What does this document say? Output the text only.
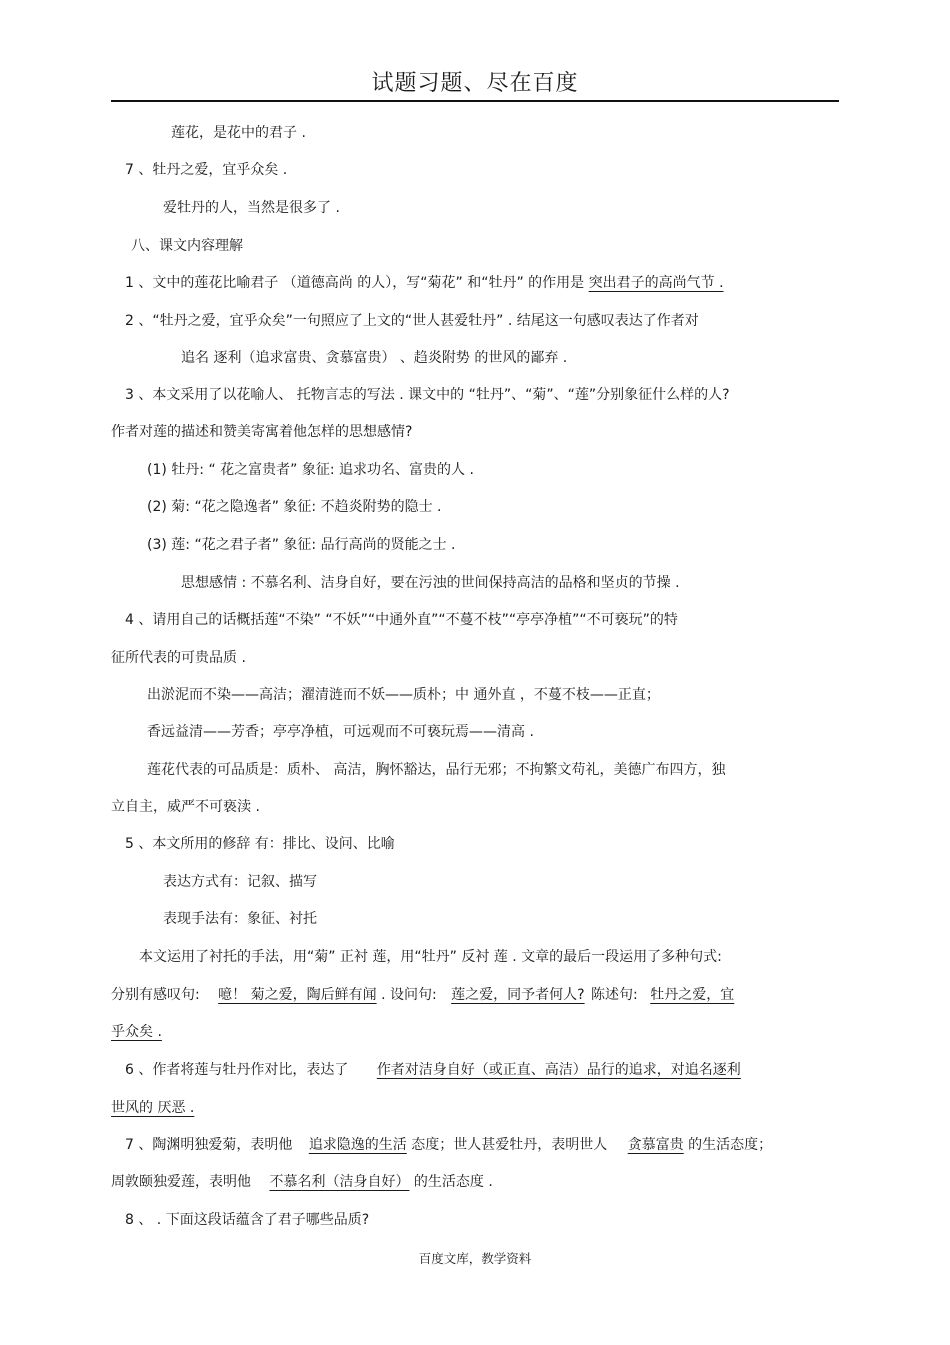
试题习题、尽在百度
莲花，是花中的君子 .
7 、牡丹之爱，宜乎众矣 .
爱牡丹的人，当然是很多了 .
八、课文内容理解
1 、文中的莲花比喻君子 （道德高尚 的人），写“菊花” 和“牡丹” 的作用是 突出君子的高尚气节 .
2 、“牡丹之爱，宜乎众矣”一句照应了上文的“世人甚爱牡丹” . 结尾这一句感叹表达了作者对
追名 逐利（追求富贵、贪慕富贵） 、趋炎附势 的世风的鄙弃 .
3 、本文采用了以花喻人、 托物言志的写法 . 课文中的 “牡丹”、“菊”、“莲”分别象征什么样的人?
作者对莲的描述和赞美寄寓着他怎样的思想感情?
(1) 牡丹: “ 花之富贵者” 象征: 追求功名、富贵的人 .
(2) 菊: “花之隐逸者” 象征: 不趋炎附势的隐士 .
(3) 莲: “花之君子者” 象征: 品行高尚的贤能之士 .
思想感情 : 不慕名利、洁身自好，要在污浊的世间保持高洁的品格和坚贞的节操 .
4 、请用自己的话概括莲“不染” “不妖”“中通外直”“不蔓不枝”“亭亭净植”“不可亵玩”的特
征所代表的可贵品质 .
出淤泥而不染——高洁；濯清涟而不妖——质朴；中 通外直 ，不蔓不枝——正直；
香远益清——芳香；亭亭净植，可远观而不可亵玩焉——清高 .
莲花代表的可品质是：质朴、 高洁，胸怀豁达，品行无邪；不拘繁文苟礼，美德广布四方，独
立自主，威严不可亵渎 .
5 、本文所用的修辞 有：排比、设问、比喻
表达方式有：记叙、描写
表现手法有：象征、衬托
本文运用了衬托的手法，用“菊” 正衬 莲，用“牡丹” 反衬 莲 . 文章的最后一段运用了多种句式:
分别有感叹句: 噫！ 菊之爱，陶后鲜有闻 . 设问句: 莲之爱，同予者何人? 陈述句: 牡丹之爱，宜
乎众矣 .
6 、作者将莲与牡丹作对比，表达了 作者对洁身自好（或正直、高洁）品行的追求，对追名逐利
世风的 厌恶 .
7 、陶渊明独爱菊，表明他 追求隐逸的生活 态度；世人甚爱牡丹，表明世人 贪慕富贵 的生活态度；
周敦颐独爱莲，表明他 不慕名利（洁身自好） 的生活态度 .
8 、 . 下面这段话蕴含了君子哪些品质?
百度文库，教学资料
